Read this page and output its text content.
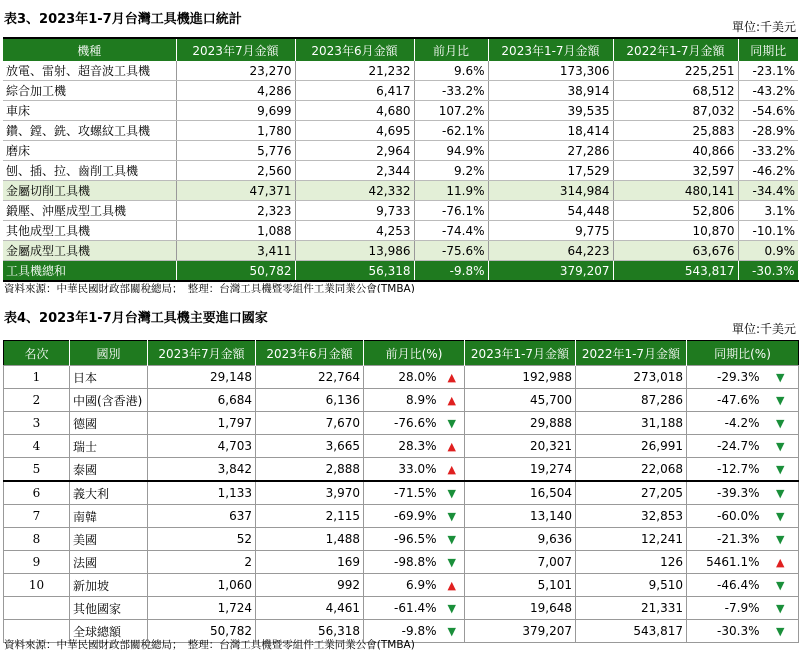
表3、2023年1-7月台灣工具機進口統計	單位:千美元
機種	2023年7月金額	2023年6月金額	前月比	2023年1-7月金額	2022年1-7月金額	同期比
放電、雷射、超音波工具機	23,270	21,232	9.6%	173,306	225,251	-23.1%
綜合加工機	4,286	6,417	-33.2%	38,914	68,512	-43.2%
車床	9,699	4,680	107.2%	39,535	87,032	-54.6%
鑽、鏜、銑、攻螺紋工具機	1,780	4,695	-62.1%	18,414	25,883	-28.9%
磨床	5,776	2,964	94.9%	27,286	40,866	-33.2%
刨、插、拉、齒削工具機	2,560	2,344	9.2%	17,529	32,597	-46.2%
金屬切削工具機	47,371	42,332	11.9%	314,984	480,141	-34.4%
鍛壓、沖壓成型工具機	2,323	9,733	-76.1%	54,448	52,806	3.1%
其他成型工具機	1,088	4,253	-74.4%	9,775	10,870	-10.1%
金屬成型工具機	3,411	13,986	-75.6%	64,223	63,676	0.9%
工具機總和	50,782	56,318	-9.8%	379,207	543,817	-30.3%
資料來源：中華民國財政部關稅總局；　整理：台灣工具機暨零組件工業同業公會(TMBA)
表4、2023年1-7月台灣工具機主要進口國家
單位:千美元
名次	國別	2023年7月金額	2023年6月金額	前月比(%)		2023年1-7月金額	2022年1-7月金額	同期比(%)	
1	日本	29,148	22,764	28.0%	▲	192,988	273,018	-29.3%	▼
2	中國(含香港)	6,684	6,136	8.9%	▲	45,700	87,286	-47.6%	▼
3	德國	1,797	7,670	-76.6%	▼	29,888	31,188	-4.2%	▼
4	瑞士	4,703	3,665	28.3%	▲	20,321	26,991	-24.7%	▼
5	泰國	3,842	2,888	33.0%	▲	19,274	22,068	-12.7%	▼
6	義大利	1,133	3,970	-71.5%	▼	16,504	27,205	-39.3%	▼
7	南韓	637	2,115	-69.9%	▼	13,140	32,853	-60.0%	▼
8	美國	52	1,488	-96.5%	▼	9,636	12,241	-21.3%	▼
9	法國	2	169	-98.8%	▼	7,007	126	5461.1%	▲
10	新加坡	1,060	992	6.9%	▲	5,101	9,510	-46.4%	▼
	其他國家	1,724	4,461	-61.4%	▼	19,648	21,331	-7.9%	▼
	全球總額	50,782	56,318	-9.8%	▼	379,207	543,817	-30.3%	▼
資料來源：中華民國財政部關稅總局；　整理：台灣工具機暨零組件工業同業公會(TMBA)
